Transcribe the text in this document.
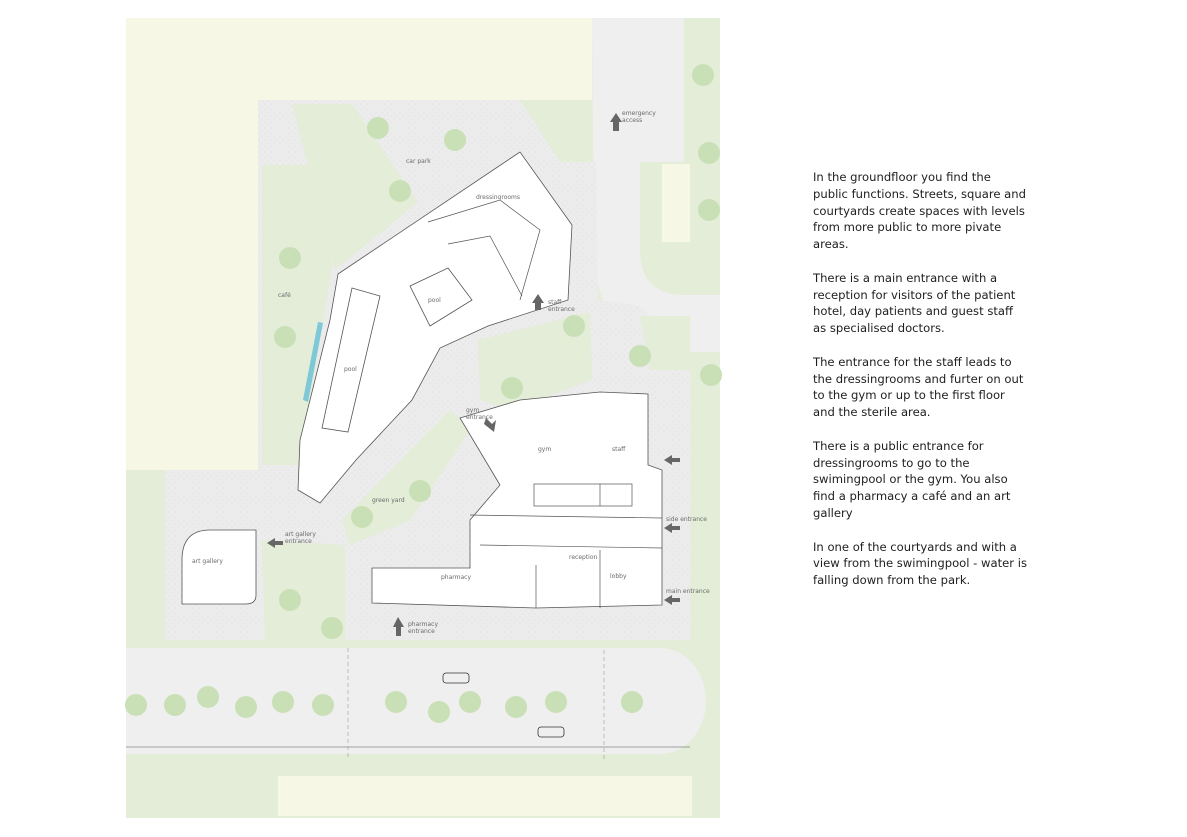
car park
dressingrooms
pool
pool
green yard
gym entrance
gym	staff
emergency access
staff entrance
art gallery
art gallery entrance
pharmacy
pharmacy entrance
reception
lobby
main entrance
side entrance
café

In the groundfloor you find the public functions. Streets, square and courtyards create spaces with levels from more public to more pivate areas.

There is a main entrance with a reception for visitors of the patient hotel, day patients and guest staff as specialised doctors.

The entrance for the staff leads to the dressingrooms and furter on out to the gym or up to the first floor and the sterile area.

There is a public entrance for dressingrooms to go to the swimingpool or the gym. You also find a pharmacy a café and an art gallery

In one of the courtyards and with a view from the swimingpool - water is falling down from the park.
